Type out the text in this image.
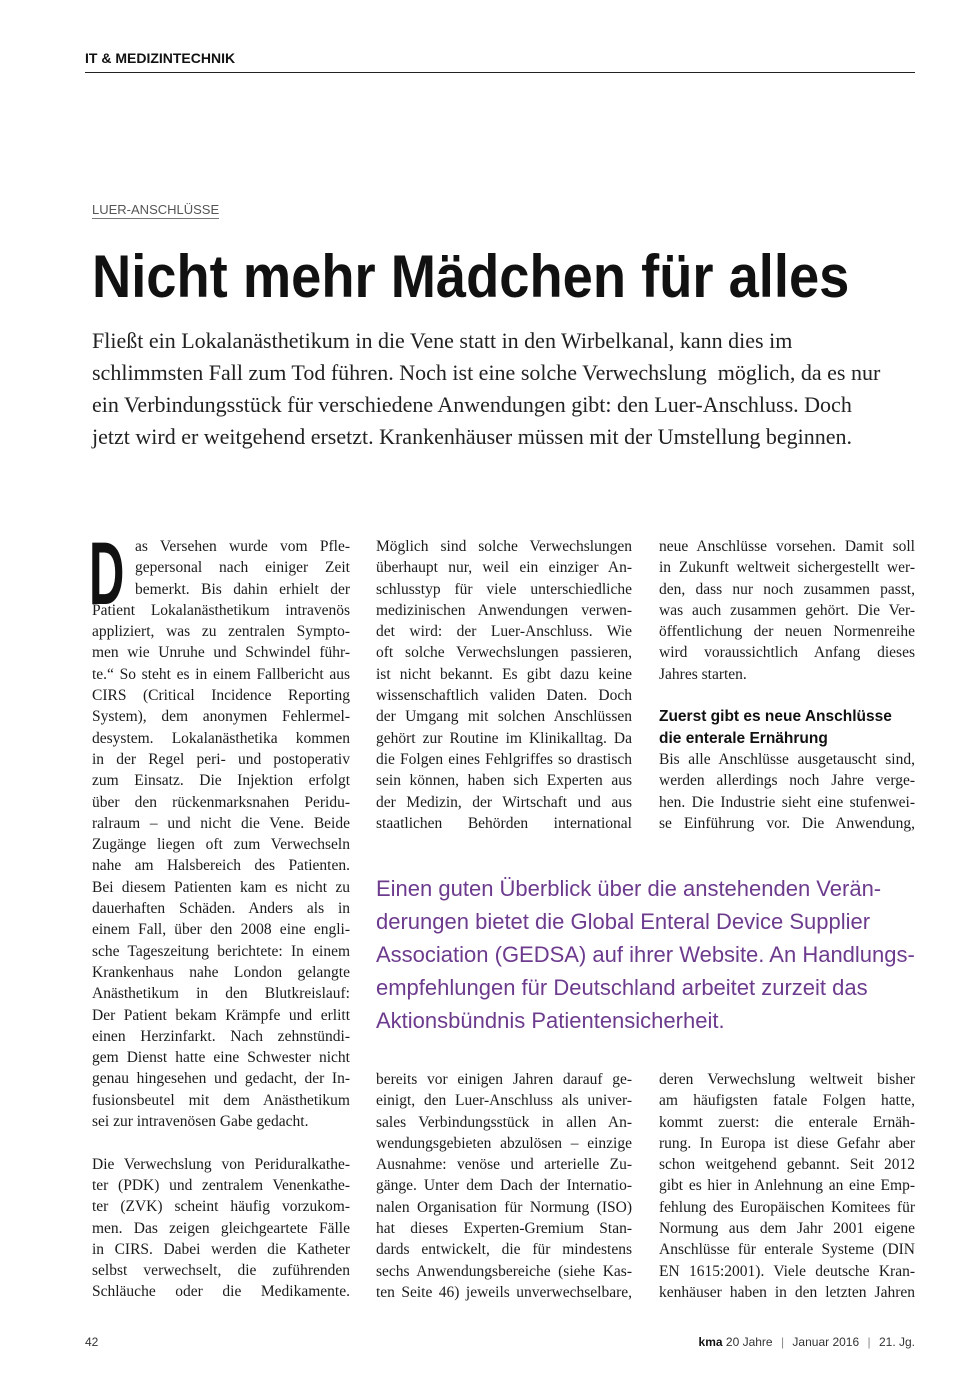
IT & MEDIZINTECHNIK
LUER-ANSCHLÜSSE
Nicht mehr Mädchen für alles
Fließt ein Lokalanästhetikum in die Vene statt in den Wirbelkanal, kann dies im
schlimmsten Fall zum Tod führen. Noch ist eine solche Verwechslung  möglich, da es nur
ein Verbindungsstück für verschiedene Anwendungen gibt: den Luer-Anschluss. Doch
jetzt wird er weitgehend ersetzt. Krankenhäuser müssen mit der Umstellung beginnen.
D as Versehen wurde vom Pfle-
gepersonal nach einiger Zeit
bemerkt. Bis dahin erhielt der
Patient Lokalanästhetikum intravenös
appliziert, was zu zentralen Sympto-
men wie Unruhe und Schwindel führ-
te.“ So steht es in einem Fallbericht aus
CIRS (Critical Incidence Reporting
System), dem anonymen Fehlermel-
desystem. Lokalanästhetika kommen
in der Regel peri- und postoperativ
zum Einsatz. Die Injektion erfolgt
über den rückenmarksnahen Peridu-
ralraum – und nicht die Vene. Beide
Zugänge liegen oft zum Verwechseln
nahe am Halsbereich des Patienten.
Bei diesem Patienten kam es nicht zu
dauerhaften Schäden. Anders als in
einem Fall, über den 2008 eine engli-
sche Tageszeitung berichtete: In einem
Krankenhaus nahe London gelangte
Anästhetikum in den Blutkreislauf:
Der Patient bekam Krämpfe und erlitt
einen Herzinfarkt. Nach zehnstündi-
gem Dienst hatte eine Schwester nicht
genau hingesehen und gedacht, der In-
fusionsbeutel mit dem Anästhetikum
sei zur intravenösen Gabe gedacht.
Die Verwechslung von Periduralkathe-
ter (PDK) und zentralem Venenkathe-
ter (ZVK) scheint häufig vorzukom-
men. Das zeigen gleichgeartete Fälle
in CIRS. Dabei werden die Katheter
selbst verwechselt, die zuführenden
Schläuche oder die Medikamente.
Möglich sind solche Verwechslungen
überhaupt nur, weil ein einziger An-
schlusstyp für viele unterschiedliche
medizinischen Anwendungen verwen-
det wird: der Luer-Anschluss. Wie
oft solche Verwechslungen passieren,
ist nicht bekannt. Es gibt dazu keine
wissenschaftlich validen Daten. Doch
der Umgang mit solchen Anschlüssen
gehört zur Routine im Klinikalltag. Da
die Folgen eines Fehlgriffes so drastisch
sein können, haben sich Experten aus
der Medizin, der Wirtschaft und aus
staatlichen Behörden international
neue Anschlüsse vorsehen. Damit soll
in Zukunft weltweit sichergestellt wer-
den, dass nur noch zusammen passt,
was auch zusammen gehört. Die Ver-
öffentlichung der neuen Normenreihe
wird voraussichtlich Anfang dieses
Jahres starten.
Zuerst gibt es neue Anschlüsse
die enterale Ernährung
Bis alle Anschlüsse ausgetauscht sind,
werden allerdings noch Jahre verge-
hen. Die Industrie sieht eine stufenwei-
se Einführung vor. Die Anwendung,
Einen guten Überblick über die anstehenden Verän-
derungen bietet die Global Enteral Device Supplier
Association (GEDSA) auf ihrer Website. An Handlungs-
empfehlungen für Deutschland arbeitet zurzeit das
Aktionsbündnis Patientensicherheit.
bereits vor einigen Jahren darauf ge-
einigt, den Luer-Anschluss als univer-
sales Verbindungsstück in allen An-
wendungsgebieten abzulösen – einzige
Ausnahme: venöse und arterielle Zu-
gänge. Unter dem Dach der Internatio-
nalen Organisation für Normung (ISO)
hat dieses Experten-Gremium Stan-
dards entwickelt, die für mindestens
sechs Anwendungsbereiche (siehe Kas-
ten Seite 46) jeweils unverwechselbare,
deren Verwechslung weltweit bisher
am häufigsten fatale Folgen hatte,
kommt zuerst: die enterale Ernäh-
rung. In Europa ist diese Gefahr aber
schon weitgehend gebannt. Seit 2012
gibt es hier in Anlehnung an eine Emp-
fehlung des Europäischen Komitees für
Normung aus dem Jahr 2001 eigene
Anschlüsse für enterale Systeme (DIN
EN 1615:2001). Viele deutsche Kran-
kenhäuser haben in den letzten Jahren
42	kma 20 Jahre | Januar 2016 | 21. Jg.
